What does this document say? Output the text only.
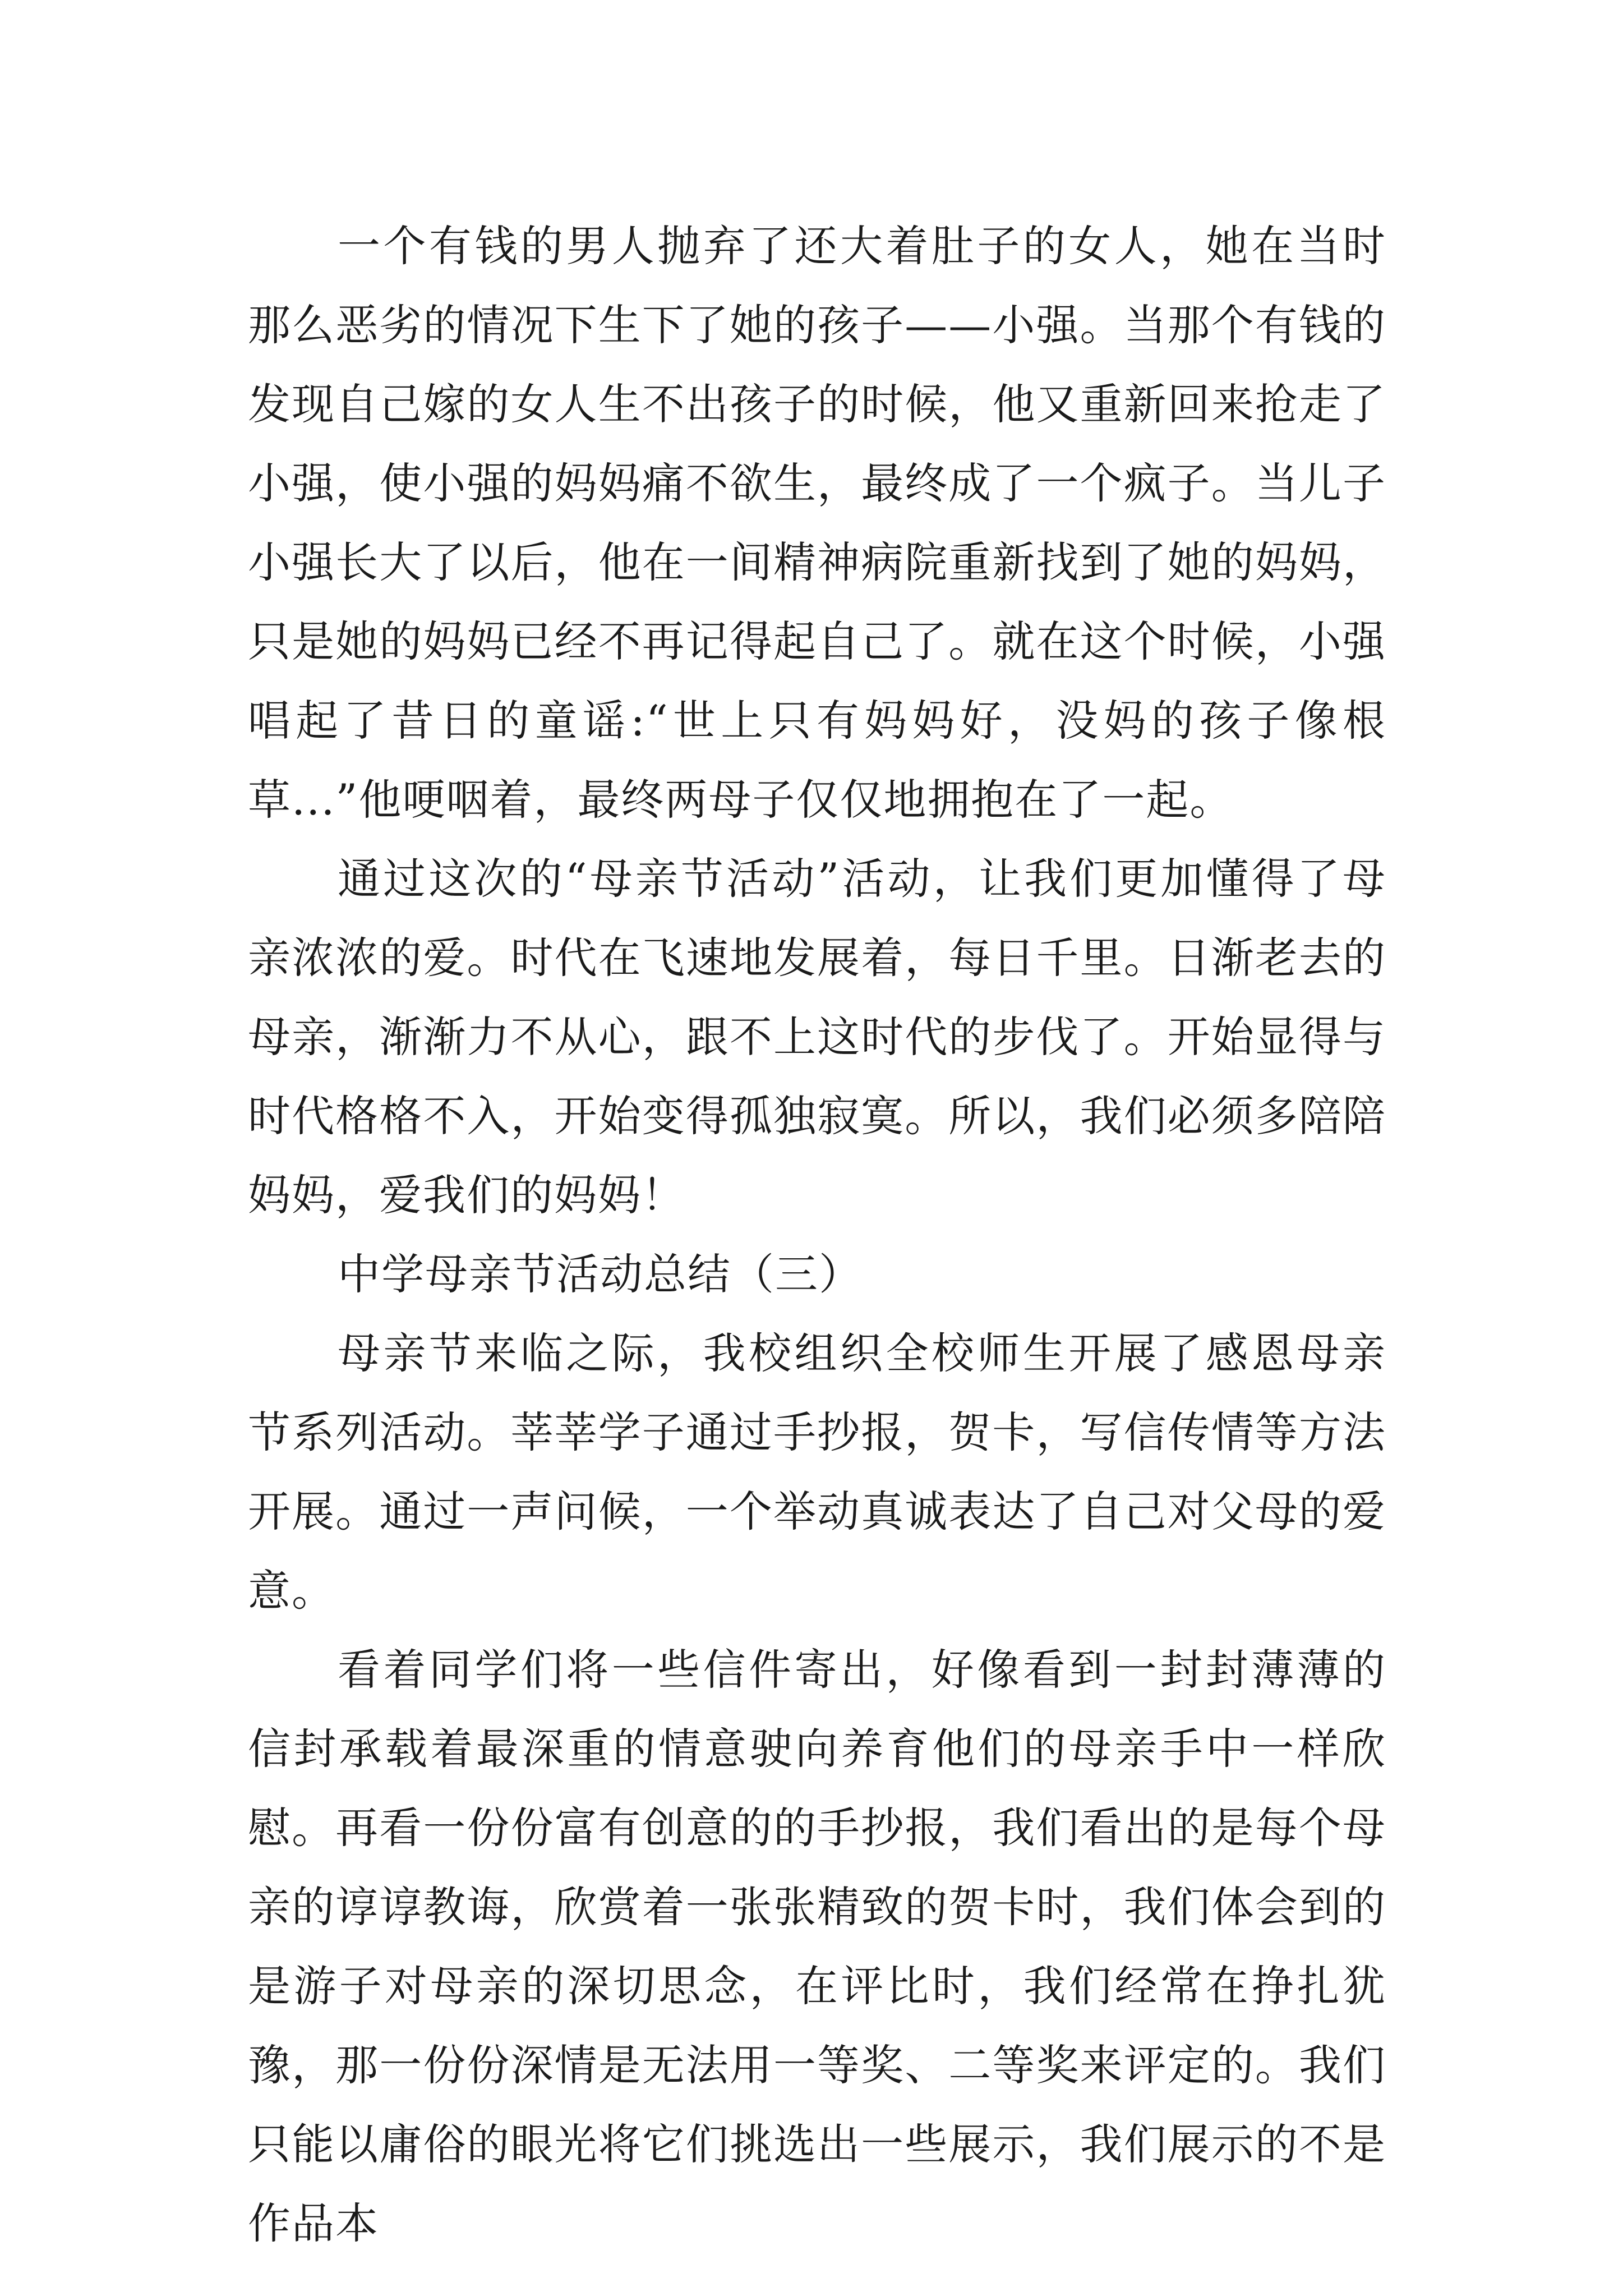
一个有钱的男人抛弃了还大着肚子的女人，她在当时那么恶劣的情况下生下了她的孩子——小强。当那个有钱的发现自己嫁的女人生不出孩子的时候，他又重新回来抢走了小强，使小强的妈妈痛不欲生，最终成了一个疯子。当儿子小强长大了以后，他在一间精神病院重新找到了她的妈妈，只是她的妈妈已经不再记得起自己了。就在这个时候，小强唱起了昔日的童谣:“世上只有妈妈好，没妈的孩子像根草...”他哽咽着，最终两母子仅仅地拥抱在了一起。

通过这次的“母亲节活动”活动，让我们更加懂得了母亲浓浓的爱。时代在飞速地发展着，每日千里。日渐老去的母亲，渐渐力不从心，跟不上这时代的步伐了。开始显得与时代格格不入，开始变得孤独寂寞。所以，我们必须多陪陪妈妈，爱我们的妈妈！

中学母亲节活动总结（三）

母亲节来临之际，我校组织全校师生开展了感恩母亲节系列活动。莘莘学子通过手抄报，贺卡，写信传情等方法开展。通过一声问候，一个举动真诚表达了自己对父母的爱意。

看着同学们将一些信件寄出，好像看到一封封薄薄的信封承载着最深重的情意驶向养育他们的母亲手中一样欣慰。再看一份份富有创意的的手抄报，我们看出的是每个母亲的谆谆教诲，欣赏着一张张精致的贺卡时，我们体会到的是游子对母亲的深切思念，在评比时，我们经常在挣扎犹豫，那一份份深情是无法用一等奖、二等奖来评定的。我们只能以庸俗的眼光将它们挑选出一些展示，我们展示的不是作品本
